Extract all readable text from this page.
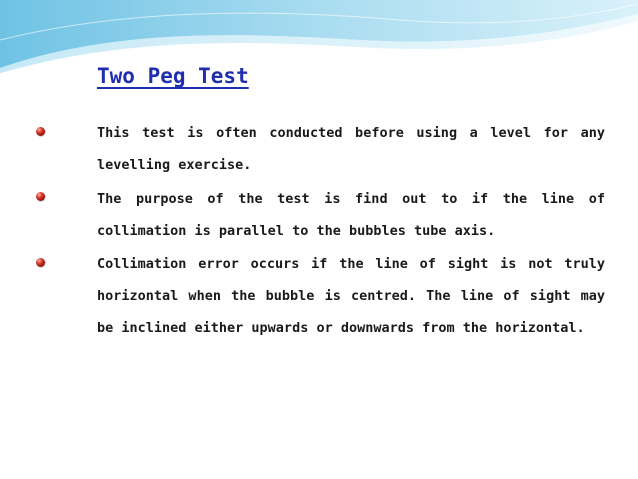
Two Peg Test

This test is often conducted before using a level for any levelling exercise.

The purpose of the test is find out to if the line of collimation is parallel to the bubbles tube axis.

Collimation error occurs if the line of sight is not truly horizontal when the bubble is centred. The line of sight may be inclined either upwards or downwards from the horizontal.
